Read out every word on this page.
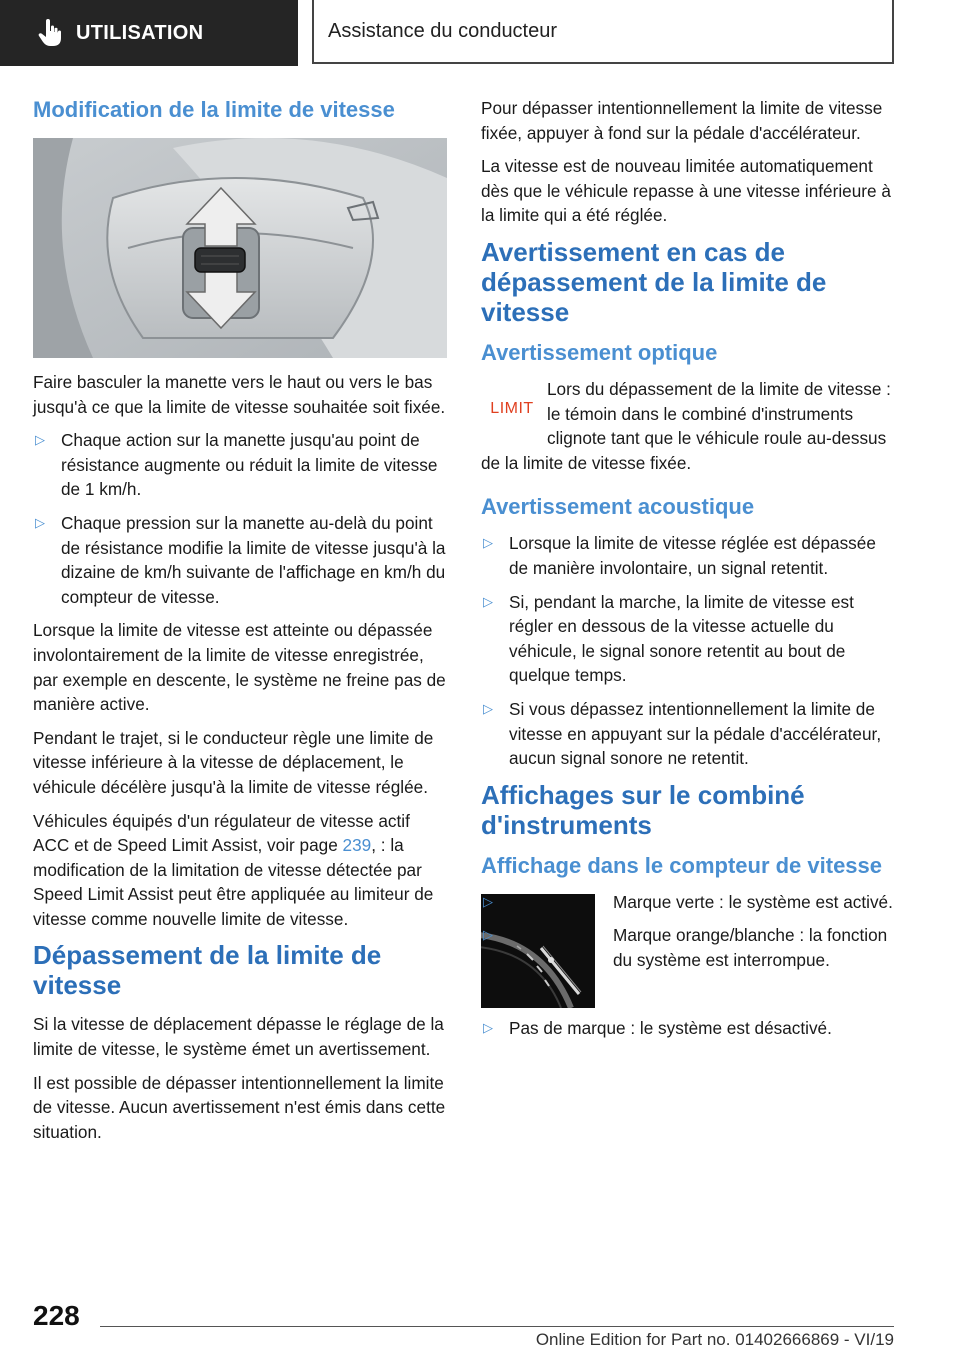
UTILISATION	Assistance du conducteur
Modification de la limite de vitesse

Faire basculer la manette vers le haut ou vers le bas jusqu'à ce que la limite de vitesse souhaitée soit fixée.

▷ Chaque action sur la manette jusqu'au point de résistance augmente ou réduit la limite de vitesse de 1 km/h.
▷ Chaque pression sur la manette au-delà du point de résistance modifie la limite de vitesse jusqu'à la dizaine de km/h suivante de l'affichage en km/h du compteur de vitesse.

Lorsque la limite de vitesse est atteinte ou dépassée involontairement de la limite de vitesse enregistrée, par exemple en descente, le système ne freine pas de manière active.

Pendant le trajet, si le conducteur règle une limite de vitesse inférieure à la vitesse de déplacement, le véhicule décélère jusqu'à la limite de vitesse réglée.

Véhicules équipés d'un régulateur de vitesse actif ACC et de Speed Limit Assist, voir page 239, : la modification de la limitation de vitesse détectée par Speed Limit Assist peut être appliquée au limiteur de vitesse comme nouvelle limite de vitesse.

Dépassement de la limite de vitesse

Si la vitesse de déplacement dépasse le réglage de la limite de vitesse, le système émet un avertissement.

Il est possible de dépasser intentionnellement la limite de vitesse. Aucun avertissement n'est émis dans cette situation.

Pour dépasser intentionnellement la limite de vitesse fixée, appuyer à fond sur la pédale d'accélérateur.

La vitesse est de nouveau limitée automatiquement dès que le véhicule repasse à une vitesse inférieure à la limite qui a été réglée.

Avertissement en cas de dépassement de la limite de vitesse
Avertissement optique
LIMIT

Lors du dépassement de la limite de vitesse : le témoin dans le combiné d'instruments clignote tant que le véhicule roule au-dessus de la limite de vitesse fixée.

Avertissement acoustique
▷ Lorsque la limite de vitesse réglée est dépassée de manière involontaire, un signal retentit.
▷ Si, pendant la marche, la limite de vitesse est régler en dessous de la vitesse actuelle du véhicule, le signal sonore retentit au bout de quelque temps.
▷ Si vous dépassez intentionnellement la limite de vitesse en appuyant sur la pédale d'accélérateur, aucun signal sonore ne retentit.
Affichages sur le combiné d'instruments
Affichage dans le compteur de vitesse
▷	Marque verte : le système est activé.
▷	Marque orange/blanche : la fonction du système est interrompue.
▷ Pas de marque : le système est désactivé.
228
Online Edition for Part no. 01402666869 - VI/19
